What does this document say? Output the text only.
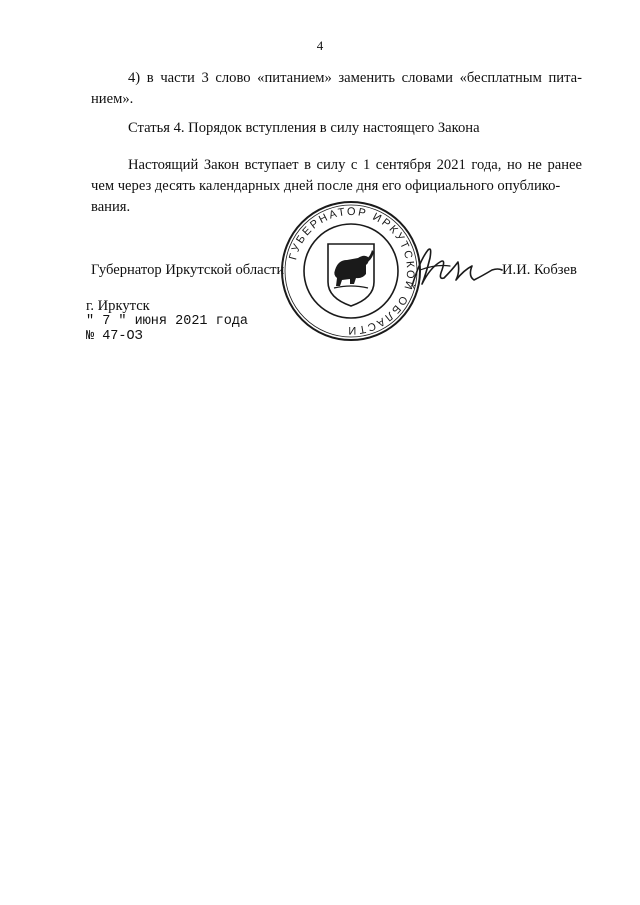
4

4) в части 3 слово «питанием» заменить словами «бесплатным пита-
нием».

Статья 4. Порядок вступления в силу настоящего Закона

Настоящий Закон вступает в силу с 1 сентября 2021 года, но не ранее
чем через десять календарных дней после дня его официального опублико-
вания.

Губернатор Иркутской области

ГУБЕРНАТОР ИРКУТСКОЙ ОБЛАСТИ

И.И. Кобзев

г. Иркутск

" 7 " июня 2021 года

№ 47-ОЗ
